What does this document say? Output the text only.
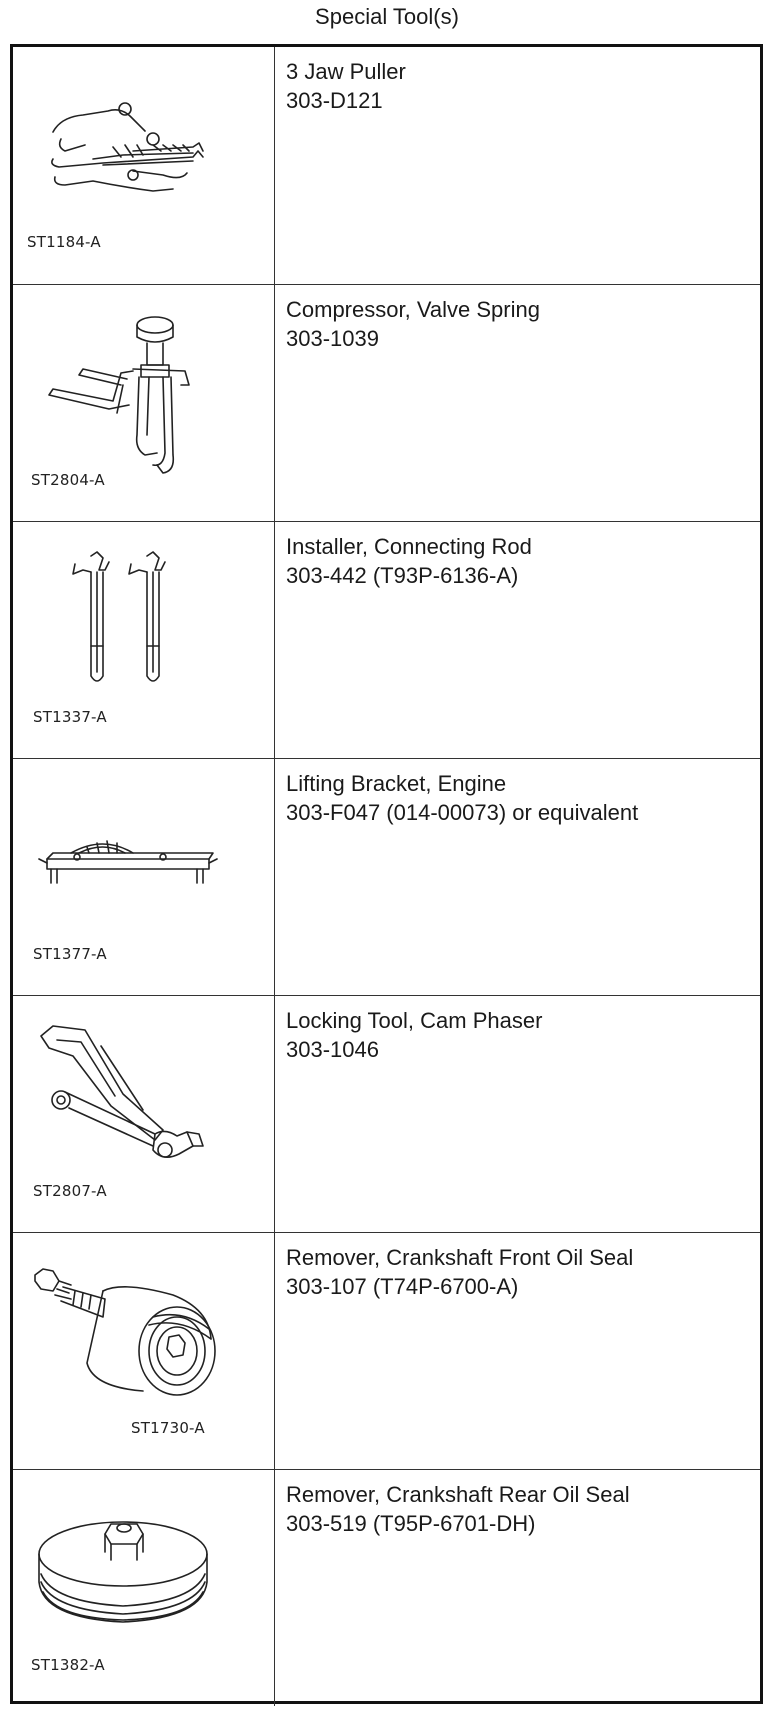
Special Tool(s)
ST1184-A
3 Jaw Puller
303-D121
ST2804-A
Compressor, Valve Spring
303-1039
ST1337-A
Installer, Connecting Rod
303-442 (T93P-6136-A)
ST1377-A
Lifting Bracket, Engine
303-F047 (014-00073) or equivalent
ST2807-A
Locking Tool, Cam Phaser
303-1046
ST1730-A
Remover, Crankshaft Front Oil Seal
303-107 (T74P-6700-A)
ST1382-A
Remover, Crankshaft Rear Oil Seal
303-519 (T95P-6701-DH)
